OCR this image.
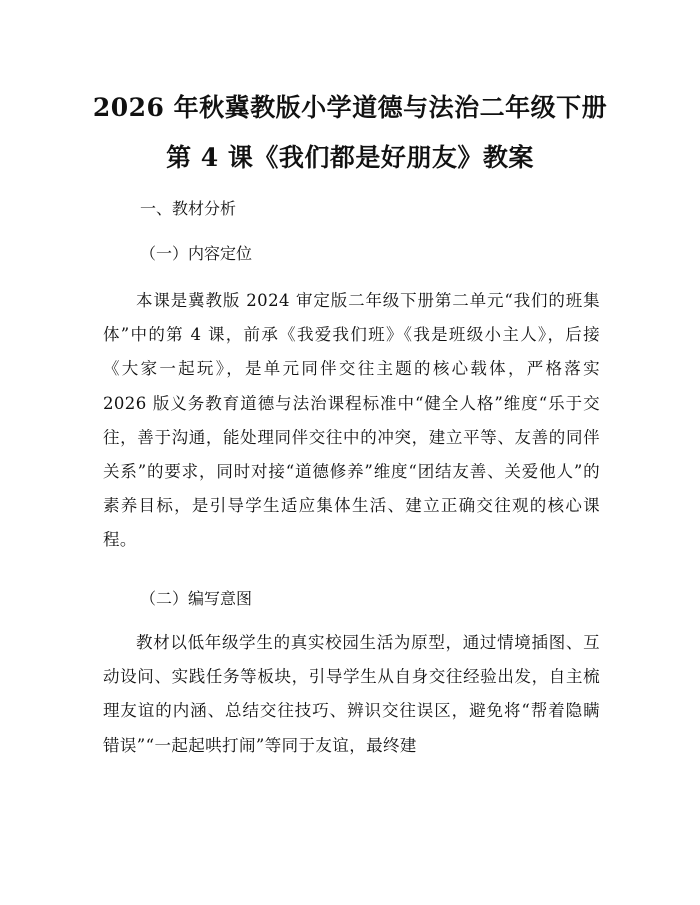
2026 年秋冀教版小学道德与法治二年级下册
第 4 课《我们都是好朋友》教案
一、教材分析
（一）内容定位
本课是冀教版 2024 审定版二年级下册第二单元“我们的班集体”中的第 4 课，前承《我爱我们班》《我是班级小主人》，后接《大家一起玩》，是单元同伴交往主题的核心载体，严格落实 2026 版义务教育道德与法治课程标准中“健全人格”维度“乐于交往，善于沟通，能处理同伴交往中的冲突，建立平等、友善的同伴关系”的要求，同时对接“道德修养”维度“团结友善、关爱他人”的素养目标，是引导学生适应集体生活、建立正确交往观的核心课程。
（二）编写意图
教材以低年级学生的真实校园生活为原型，通过情境插图、互动设问、实践任务等板块，引导学生从自身交往经验出发，自主梳理友谊的内涵、总结交往技巧、辨识交往误区，避免将“帮着隐瞒错误”“一起起哄打闹”等同于友谊，最终建
